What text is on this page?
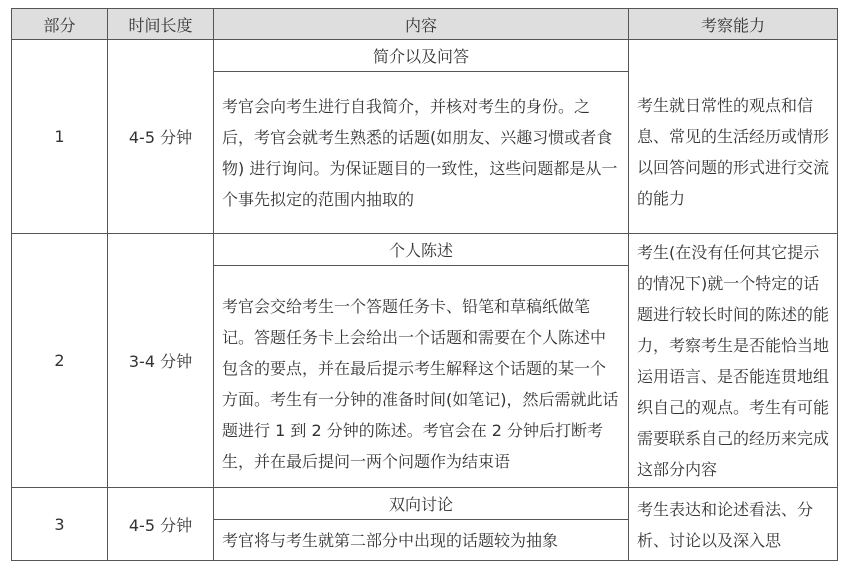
部分	时间长度	内容	考察能力
1	4-5 分钟	简介以及问答	考生就日常性的观点和信息、常见的生活经历或情形以回答问题的形式进行交流的能力
		考官会向考生进行自我简介，并核对考生的身份。之后，考官会就考生熟悉的话题(如朋友、兴趣习惯或者食物) 进行询问。为保证题目的一致性，这些问题都是从一个事先拟定的范围内抽取的	
2	3-4 分钟	个人陈述	考生(在没有任何其它提示的情况下)就一个特定的话题进行较长时间的陈述的能力，考察考生是否能恰当地运用语言、是否能连贯地组织自己的观点。考生有可能需要联系自己的经历来完成这部分内容
		考官会交给考生一个答题任务卡、铅笔和草稿纸做笔记。答题任务卡上会给出一个话题和需要在个人陈述中包含的要点，并在最后提示考生解释这个话题的某一个方面。考生有一分钟的准备时间(如笔记)，然后需就此话题进行 1 到 2 分钟的陈述。考官会在 2 分钟后打断考生，并在最后提问一两个问题作为结束语	
3	4-5 分钟	双向讨论	考生表达和论述看法、分析、讨论以及深入思
		考官将与考生就第二部分中出现的话题较为抽象	
